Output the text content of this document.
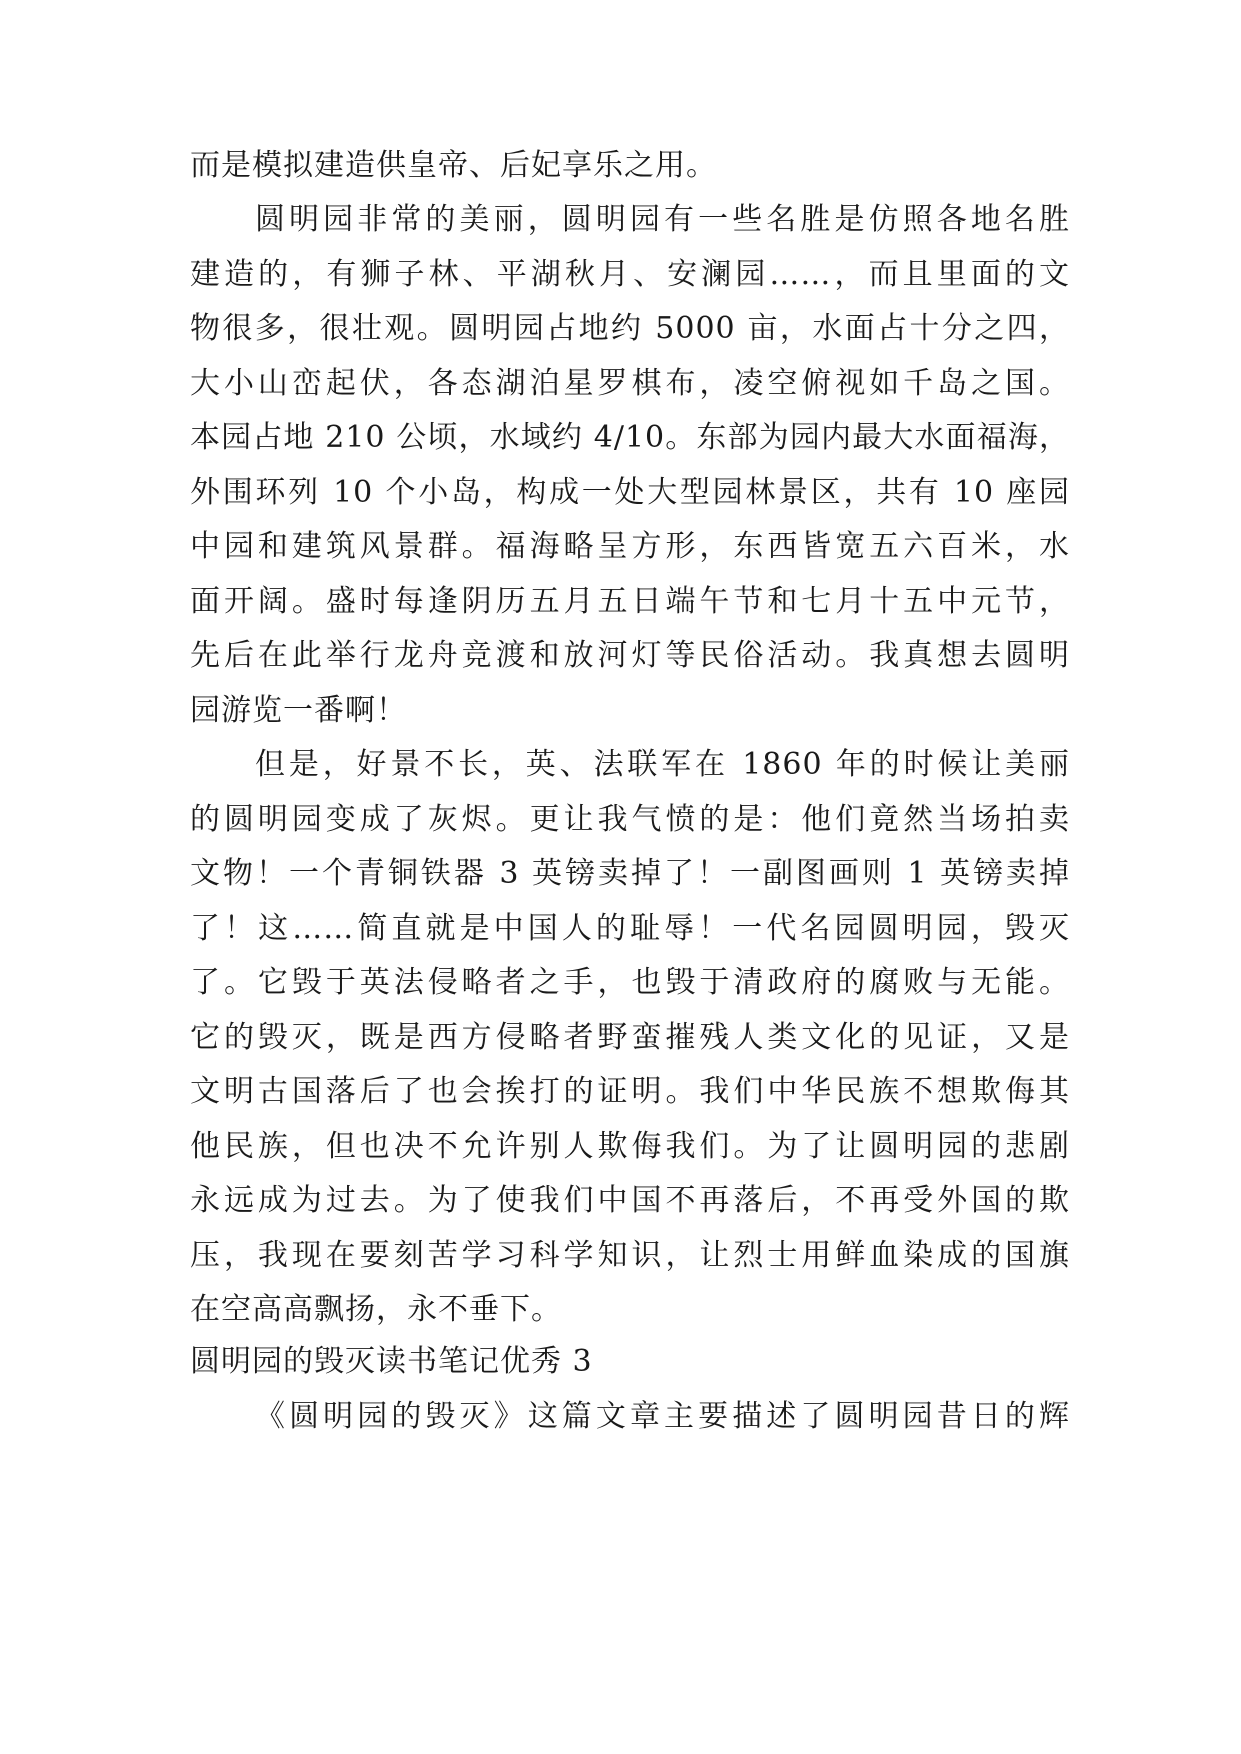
而是模拟建造供皇帝、后妃享乐之用。
圆明园非常的美丽，圆明园有一些名胜是仿照各地名胜
建造的，有狮子林、平湖秋月、安澜园……，而且里面的文
物很多，很壮观。圆明园占地约 5000 亩，水面占十分之四，
大小山峦起伏，各态湖泊星罗棋布，凌空俯视如千岛之国。
本园占地 210 公顷，水域约 4/10。东部为园内最大水面福海，
外围环列 10 个小岛，构成一处大型园林景区，共有 10 座园
中园和建筑风景群。福海略呈方形，东西皆宽五六百米，水
面开阔。盛时每逢阴历五月五日端午节和七月十五中元节，
先后在此举行龙舟竞渡和放河灯等民俗活动。我真想去圆明
园游览一番啊！
但是，好景不长，英、法联军在 1860 年的时候让美丽
的圆明园变成了灰烬。更让我气愤的是：他们竟然当场拍卖
文物！一个青铜铁器 3 英镑卖掉了！一副图画则 1 英镑卖掉
了！这……简直就是中国人的耻辱！一代名园圆明园，毁灭
了。它毁于英法侵略者之手，也毁于清政府的腐败与无能。
它的毁灭，既是西方侵略者野蛮摧残人类文化的见证，又是
文明古国落后了也会挨打的证明。我们中华民族不想欺侮其
他民族，但也决不允许别人欺侮我们。为了让圆明园的悲剧
永远成为过去。为了使我们中国不再落后，不再受外国的欺
压，我现在要刻苦学习科学知识，让烈士用鲜血染成的国旗
在空高高飘扬，永不垂下。
圆明园的毁灭读书笔记优秀 3
《圆明园的毁灭》这篇文章主要描述了圆明园昔日的辉
